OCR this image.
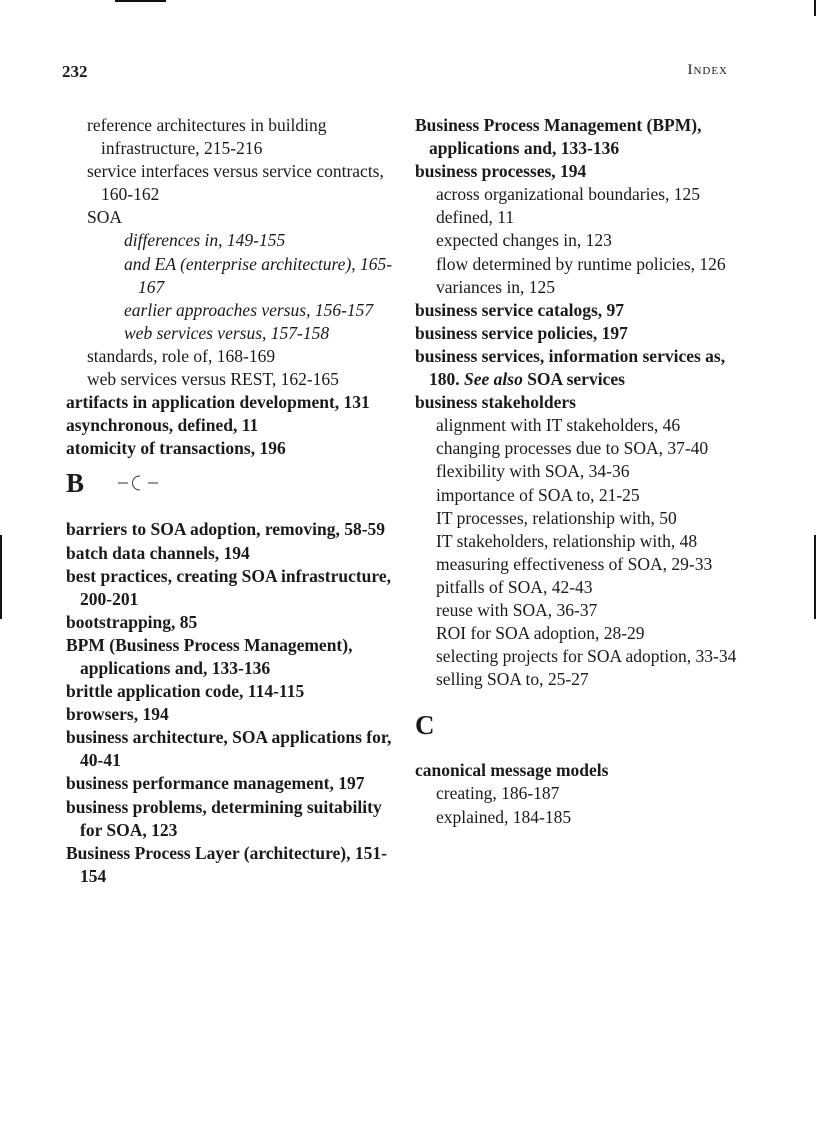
232	Index
reference architectures in building infrastructure, 215-216
service interfaces versus service contracts, 160-162
SOA
differences in, 149-155
and EA (enterprise architecture), 165-167
earlier approaches versus, 156-157
web services versus, 157-158
standards, role of, 168-169
web services versus REST, 162-165
artifacts in application development, 131
asynchronous, defined, 11
atomicity of transactions, 196
B
barriers to SOA adoption, removing, 58-59
batch data channels, 194
best practices, creating SOA infrastructure, 200-201
bootstrapping, 85
BPM (Business Process Management), applications and, 133-136
brittle application code, 114-115
browsers, 194
business architecture, SOA applications for, 40-41
business performance management, 197
business problems, determining suitability for SOA, 123
Business Process Layer (architecture), 151-154
Business Process Management (BPM), applications and, 133-136
business processes, 194
across organizational boundaries, 125
defined, 11
expected changes in, 123
flow determined by runtime policies, 126
variances in, 125
business service catalogs, 97
business service policies, 197
business services, information services as, 180. See also SOA services
business stakeholders
alignment with IT stakeholders, 46
changing processes due to SOA, 37-40
flexibility with SOA, 34-36
importance of SOA to, 21-25
IT processes, relationship with, 50
IT stakeholders, relationship with, 48
measuring effectiveness of SOA, 29-33
pitfalls of SOA, 42-43
reuse with SOA, 36-37
ROI for SOA adoption, 28-29
selecting projects for SOA adoption, 33-34
selling SOA to, 25-27
C
canonical message models
creating, 186-187
explained, 184-185
